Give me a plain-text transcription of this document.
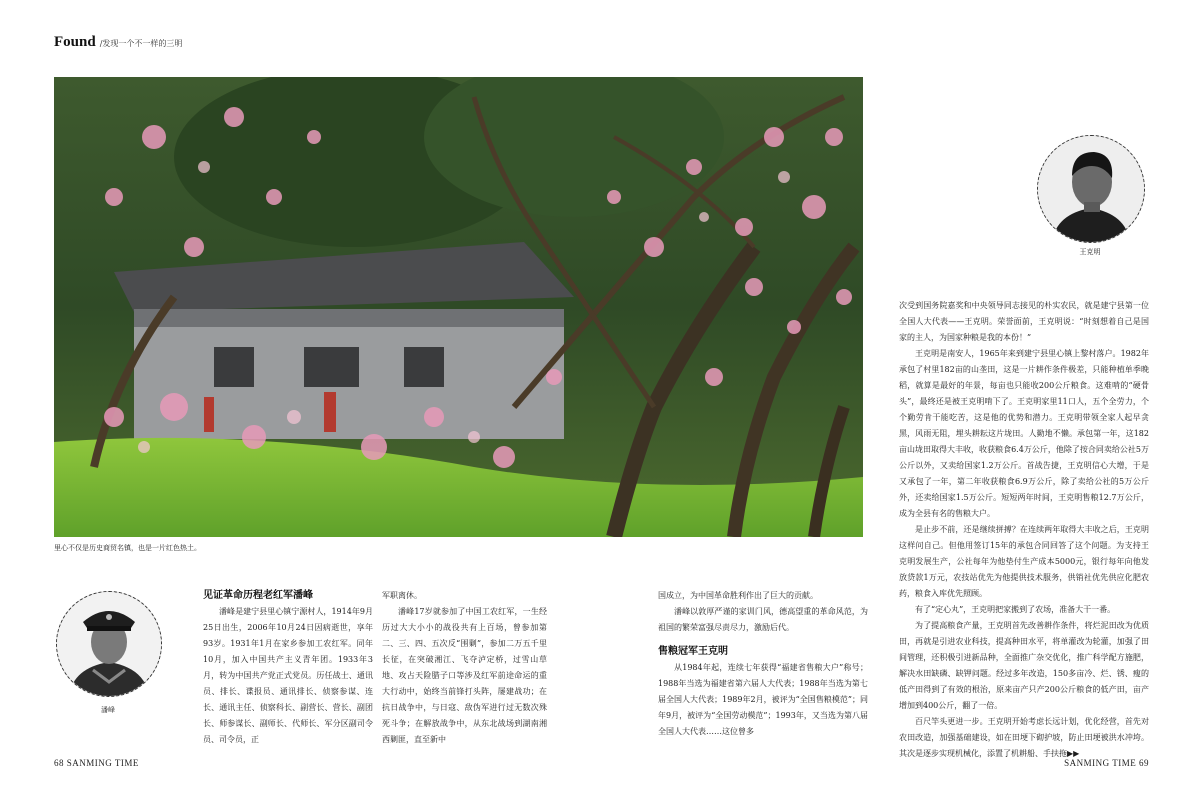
Found /发现一个不一样的三明
里心不仅是历史商贸名镇，也是一片红色热土。
王克明
潘峰
见证革命历程老红军潘峰

潘峰是建宁县里心镇宁源村人，1914年9月25日出生，2006年10月24日因病逝世，享年93岁。1931年1月在家乡参加工农红军。同年10月，加入中国共产主义青年团。1933年3月，转为中国共产党正式党员。历任战士、通讯员、排长、谍报员、通讯排长、侦察参谋、连长、通讯主任、侦察科长、副营长、营长、副团长、师参谋长、副师长、代师长、军分区副司令员、司令员，正

军职离休。

潘峰17岁就参加了中国工农红军，一生经历过大大小小的战役共有上百场，曾参加第二、三、四、五次反“围剿”，参加二万五千里长征，在突破湘江、飞夺泸定桥，过雪山草地、攻占天险腊子口等涉及红军前途命运的重大行动中，始终当前锋打头阵，屡建战功；在抗日战争中，与日寇、敌伪军进行过无数次殊死斗争；在解放战争中，从东北战场到湖南湘西剿匪，直至新中

国成立，为中国革命胜利作出了巨大的贡献。

潘峰以敦厚严谨的家训门风，德高望重的革命风范，为祖国的繁荣富强尽责尽力，激励后代。

售粮冠军王克明

从1984年起，连续七年获得“福建省售粮大户”称号；1988年当选为福建省第六届人大代表；1988年当选为第七届全国人大代表；1989年2月，被评为“全国售粮模范”；同年9月，被评为“全国劳动模范”；1993年，又当选为第八届全国人大代表……这位曾多

次受到国务院嘉奖和中央领导同志接见的朴实农民，就是建宁县第一位全国人大代表——王克明。荣誉面前，王克明说：“时刻想着自己是国家的主人，为国家种粮是我的本份！”

王克明是南安人，1965年来到建宁县里心镇上黎村落户。1982年承包了村里182亩的山垄田，这是一片耕作条件极差，只能种植单季晚稻，就算是最好的年景，每亩也只能收200公斤粮食。这难啃的“硬骨头”，最终还是被王克明啃下了。王克明家里11口人，五个全劳力，个个勤劳肯干能吃苦，这是他的优势和潜力。王克明带领全家人起早贪黑，风雨无阻，埋头耕耘这片垅田。人勤地不懒。承包第一年，这182亩山垅田取得大丰收，收获粮食6.4万公斤，他除了按合同卖给公社5万公斤以外，又卖给国家1.2万公斤。首战告捷，王克明信心大增，于是又承包了一年，第二年收获粮食6.9万公斤，除了卖给公社的5万公斤外，还卖给国家1.5万公斤。短短两年时间，王克明售粮12.7万公斤，成为全县有名的售粮大户。

是止步不前，还是继续拼搏？在连续两年取得大丰收之后，王克明这样问自己。但他用签订15年的承包合同回答了这个问题。为支持王克明发展生产，公社每年为他垫付生产成本5000元，银行每年向他发放贷款1万元，农技站优先为他提供技术服务，供销社优先供应化肥农药，粮食入库优先照顾。

有了“定心丸”，王克明把家搬到了农场，准备大干一番。

为了提高粮食产量，王克明首先改善耕作条件，将烂泥田改为优质田，再就是引进农业科技，提高种田水平，将单灌改为轮灌，加强了田间管理，还积极引进新品种，全面推广杂交优化，推广科学配方施肥，解决水田缺磷、缺钾问题。经过多年改造，150多亩冷、烂、锈、瘦的低产田得到了有效的根治，原来亩产只产200公斤粮食的低产田，亩产增加到400公斤，翻了一倍。

百尺竿头更进一步。王克明开始考虑长远计划，优化经营，首先对农田改造，加强基础建设，如在田埂下砌护坡，防止田埂被洪水冲垮。其次是逐步实现机械化，添置了机耕船、手扶拖▶▶

68 SANMING TIME	SANMING TIME 69
